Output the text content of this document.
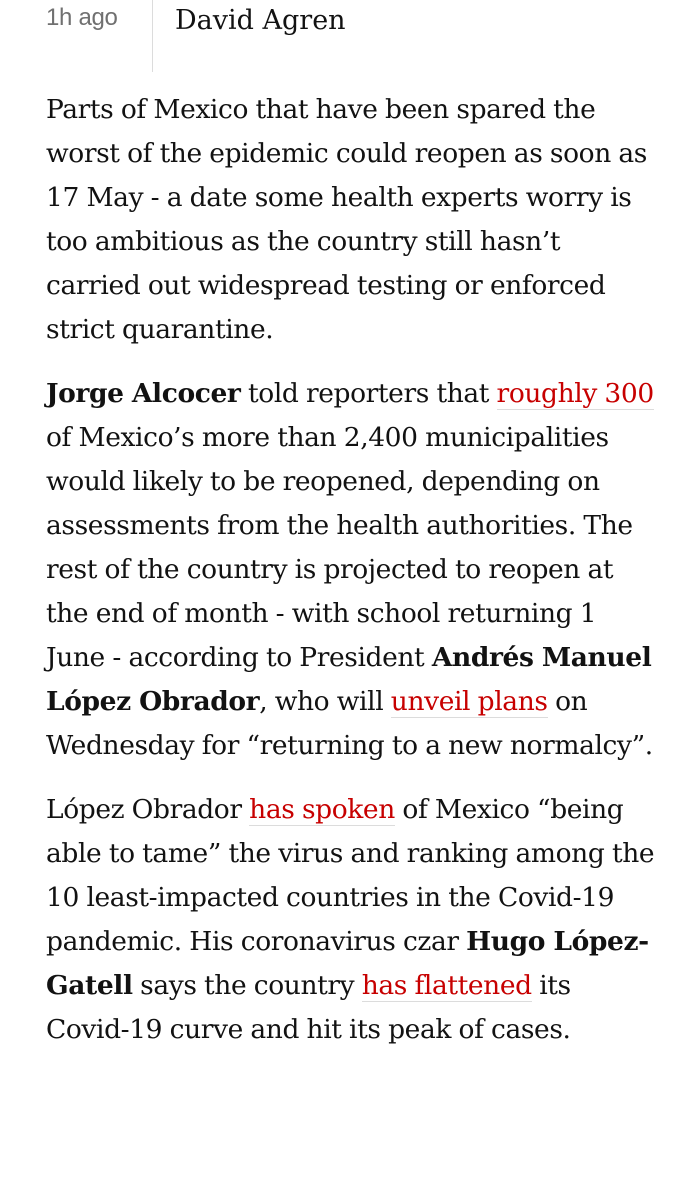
1h ago David Agren

Parts of Mexico that have been spared the worst of the epidemic could reopen as soon as 17 May - a date some health experts worry is too ambitious as the country still hasn’t carried out widespread testing or enforced strict quarantine.

Jorge Alcocer told reporters that roughly 300 of Mexico’s more than 2,400 municipalities would likely to be reopened, depending on assessments from the health authorities. The rest of the country is projected to reopen at the end of month - with school returning 1 June - according to President Andrés Manuel López Obrador, who will unveil plans on Wednesday for “returning to a new normalcy”.

López Obrador has spoken of Mexico “being able to tame” the virus and ranking among the 10 least-impacted countries in the Covid-19 pandemic. His coronavirus czar Hugo López-Gatell says the country has flattened its Covid-19 curve and hit its peak of cases.
